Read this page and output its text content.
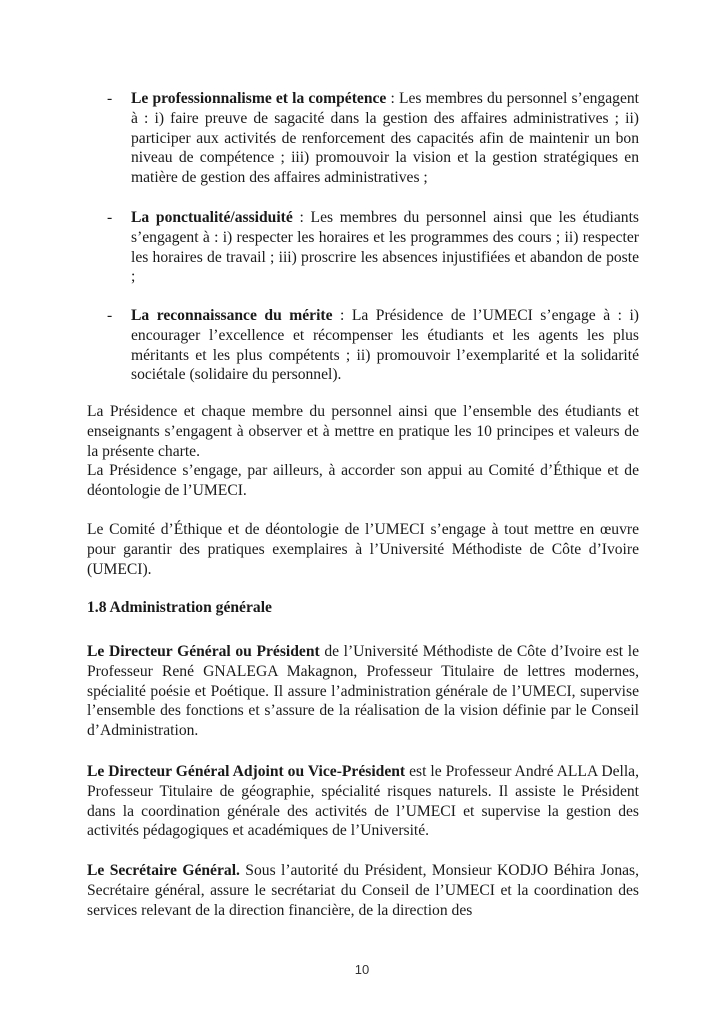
- Le professionnalisme et la compétence : Les membres du personnel s’engagent à : i) faire preuve de sagacité dans la gestion des affaires administratives ; ii) participer aux activités de renforcement des capacités afin de maintenir un bon niveau de compétence ; iii) promouvoir la vision et la gestion stratégiques en matière de gestion des affaires administratives ;
- La ponctualité/assiduité : Les membres du personnel ainsi que les étudiants s’engagent à : i) respecter les horaires et les programmes des cours ; ii) respecter les horaires de travail ; iii) proscrire les absences injustifiées et abandon de poste ;
- La reconnaissance du mérite : La Présidence de l’UMECI s’engage à : i) encourager l’excellence et récompenser les étudiants et les agents les plus méritants et les plus compétents ; ii) promouvoir l’exemplarité et la solidarité sociétale (solidaire du personnel).
La Présidence et chaque membre du personnel ainsi que l’ensemble des étudiants et enseignants s’engagent à observer et à mettre en pratique les 10 principes et valeurs de la présente charte.
La Présidence s’engage, par ailleurs, à accorder son appui au Comité d’Éthique et de déontologie de l’UMECI.
Le Comité d’Éthique et de déontologie de l’UMECI s’engage à tout mettre en œuvre pour garantir des pratiques exemplaires à l’Université Méthodiste de Côte d’Ivoire (UMECI).
1.8 Administration générale
Le Directeur Général ou Président de l’Université Méthodiste de Côte d’Ivoire est le Professeur René GNALEGA Makagnon, Professeur Titulaire de lettres modernes, spécialité poésie et Poétique. Il assure l’administration générale de l’UMECI, supervise l’ensemble des fonctions et s’assure de la réalisation de la vision définie par le Conseil d’Administration.
Le Directeur Général Adjoint ou Vice-Président est le Professeur André ALLA Della, Professeur Titulaire de géographie, spécialité risques naturels. Il assiste le Président dans la coordination générale des activités de l’UMECI et supervise la gestion des activités pédagogiques et académiques de l’Université.
Le Secrétaire Général. Sous l’autorité du Président, Monsieur KODJO Béhira Jonas, Secrétaire général, assure le secrétariat du Conseil de l’UMECI et la coordination des services relevant de la direction financière, de la direction des
10
